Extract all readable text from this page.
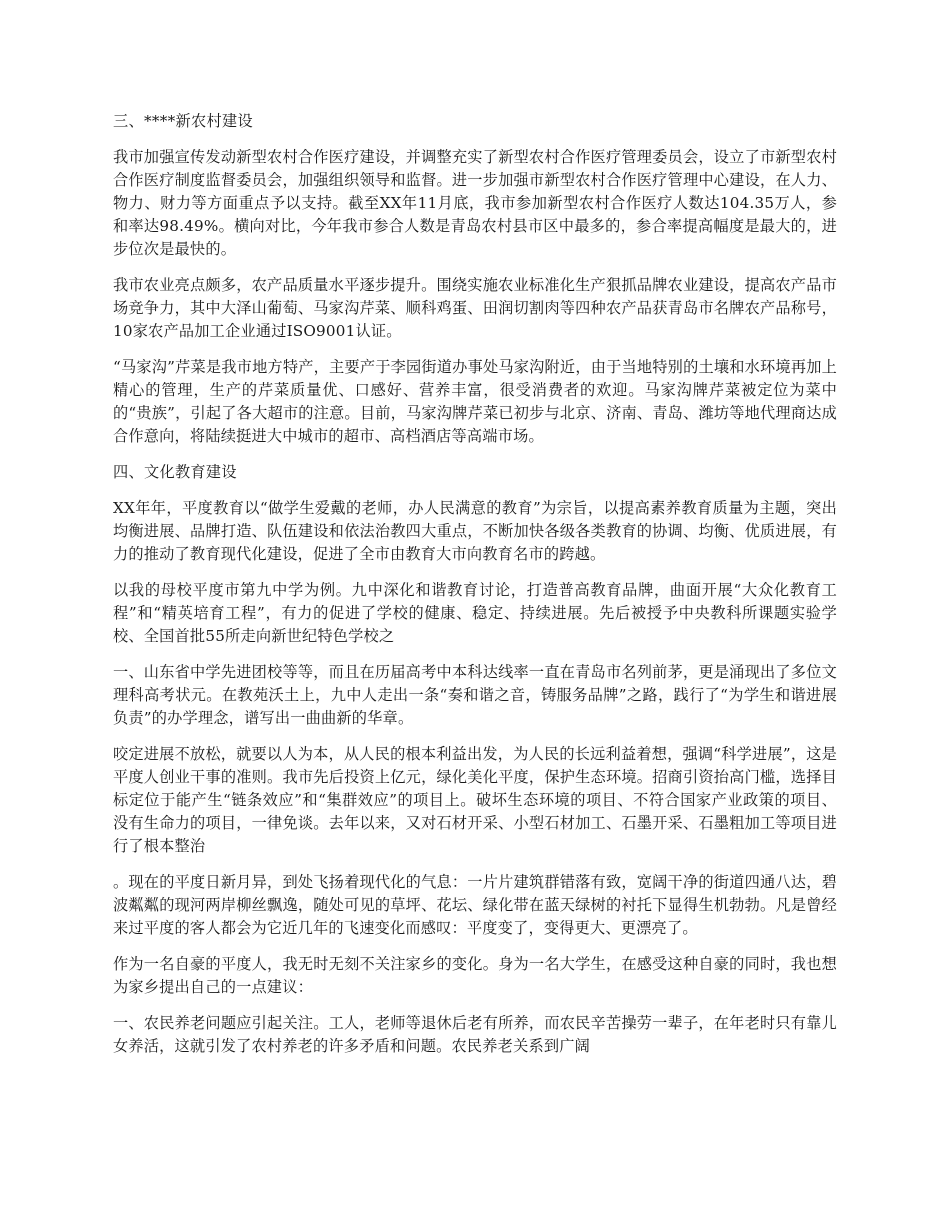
三、****新农村建设
我市加强宣传发动新型农村合作医疗建设，并调整充实了新型农村合作医疗管理委员会，设立了市新型农村合作医疗制度监督委员会，加强组织领导和监督。进一步加强市新型农村合作医疗管理中心建设，在人力、物力、财力等方面重点予以支持。截至XX年11月底，我市参加新型农村合作医疗人数达104.35万人，参和率达98.49%。横向对比，今年我市参合人数是青岛农村县市区中最多的，参合率提高幅度是最大的，进步位次是最快的。
我市农业亮点颇多，农产品质量水平逐步提升。围绕实施农业标准化生产狠抓品牌农业建设，提高农产品市场竞争力，其中大泽山葡萄、马家沟芹菜、顺科鸡蛋、田润切割肉等四种农产品获青岛市名牌农产品称号，10家农产品加工企业通过ISO9001认证。
“马家沟”芹菜是我市地方特产，主要产于李园街道办事处马家沟附近，由于当地特别的土壤和水环境再加上精心的管理，生产的芹菜质量优、口感好、营养丰富，很受消费者的欢迎。马家沟牌芹菜被定位为菜中的“贵族”，引起了各大超市的注意。目前，马家沟牌芹菜已初步与北京、济南、青岛、潍坊等地代理商达成合作意向，将陆续挺进大中城市的超市、高档酒店等高端市场。
四、文化教育建设
XX年年，平度教育以“做学生爱戴的老师，办人民满意的教育”为宗旨，以提高素养教育质量为主题，突出均衡进展、品牌打造、队伍建设和依法治教四大重点，不断加快各级各类教育的协调、均衡、优质进展，有力的推动了教育现代化建设，促进了全市由教育大市向教育名市的跨越。
以我的母校平度市第九中学为例。九中深化和谐教育讨论，打造普高教育品牌，曲面开展“大众化教育工程”和“精英培育工程”，有力的促进了学校的健康、稳定、持续进展。先后被授予中央教科所课题实验学校、全国首批55所走向新世纪特色学校之
一、山东省中学先进团校等等，而且在历届高考中本科达线率一直在青岛市名列前茅，更是涌现出了多位文理科高考状元。在教苑沃土上，九中人走出一条“奏和谐之音，铸服务品牌”之路，践行了“为学生和谐进展负责”的办学理念，谱写出一曲曲新的华章。
咬定进展不放松，就要以人为本，从人民的根本利益出发，为人民的长远利益着想，强调“科学进展”，这是平度人创业干事的准则。我市先后投资上亿元，绿化美化平度，保护生态环境。招商引资抬高门槛，选择目标定位于能产生“链条效应”和“集群效应”的项目上。破坏生态环境的项目、不符合国家产业政策的项目、没有生命力的项目，一律免谈。去年以来，又对石材开采、小型石材加工、石墨开采、石墨粗加工等项目进行了根本整治
。现在的平度日新月异，到处飞扬着现代化的气息：一片片建筑群错落有致，宽阔干净的街道四通八达，碧波粼粼的现河两岸柳丝飘逸，随处可见的草坪、花坛、绿化带在蓝天绿树的衬托下显得生机勃勃。凡是曾经来过平度的客人都会为它近几年的飞速变化而感叹：平度变了，变得更大、更漂亮了。
作为一名自豪的平度人，我无时无刻不关注家乡的变化。身为一名大学生，在感受这种自豪的同时，我也想为家乡提出自己的一点建议：
一、农民养老问题应引起关注。工人，老师等退休后老有所养，而农民辛苦操劳一辈子，在年老时只有靠儿女养活，这就引发了农村养老的许多矛盾和问题。农民养老关系到广阔
